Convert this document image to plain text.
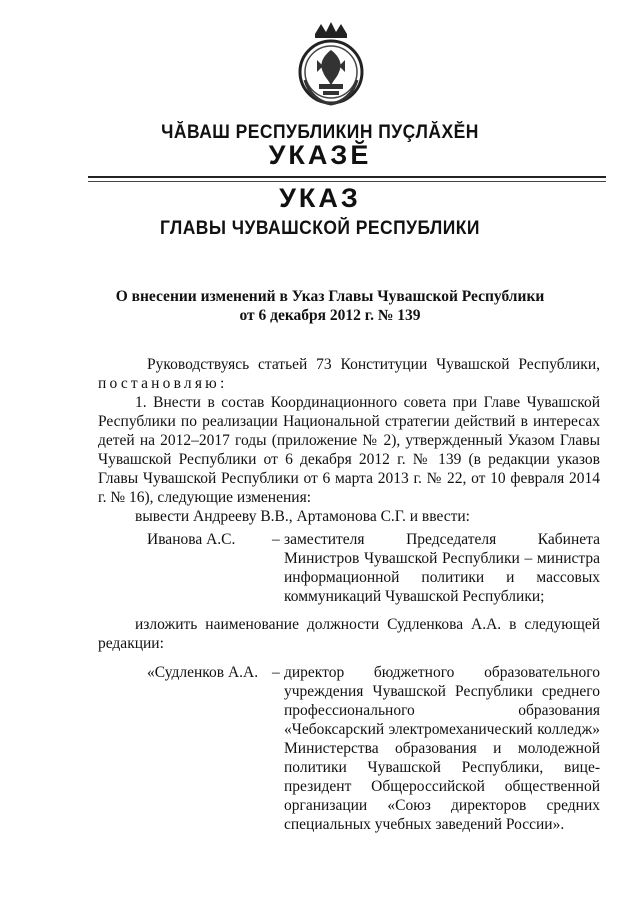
ЧĂВАШ РЕСПУБЛИКИН ПУÇЛĂХĔН
УКАЗĔ
УКАЗ
ГЛАВЫ ЧУВАШСКОЙ РЕСПУБЛИКИ
О внесении изменений в Указ Главы Чувашской Республики
от 6 декабря 2012 г. № 139

Руководствуясь статьей 73 Конституции Чувашской Республики,

постановляю:

1. Внести в состав Координационного совета при Главе Чувашской Республики по реализации Национальной стратегии действий в интересах детей на 2012–2017 годы (приложение № 2), утвержденный Указом Главы Чувашской Республики от 6 декабря 2012 г. № 139 (в редакции указов Главы Чувашской Республики от 6 марта 2013 г. № 22, от 10 февраля 2014 г. № 16), следующие изменения:

вывести Андрееву В.В., Артамонова С.Г. и ввести:

Иванова А.С. – заместителя Председателя Кабинета Министров Чувашской Республики – министра информационной политики и массовых коммуникаций Чувашской Республики;

изложить наименование должности Судленкова А.А. в следующей редакции:

«Судленков А.А. – директор бюджетного образовательного учреждения Чувашской Республики среднего профессионального образования «Чебоксарский электромеханический колледж» Министерства образования и молодежной политики Чувашской Республики, вице-президент Общероссийской общественной организации «Союз директоров средних специальных учебных заведений России».
